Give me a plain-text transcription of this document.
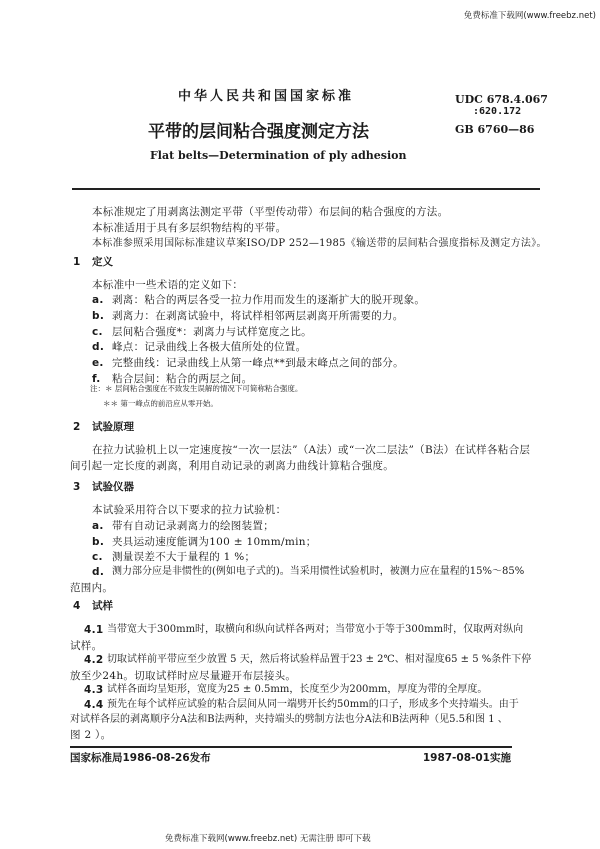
免费标准下载网(www.freebz.net)
中华人民共和国国家标准	UDC 678.4.067
:620.172
GB 6760—86
平带的层间粘合强度测定方法
Flat belts—Determination of ply adhesion
本标准规定了用剥离法测定平带（平型传动带）布层间的粘合强度的方法。
本标准适用于具有多层织物结构的平带。
本标准参照采用国际标准建议草案ISO/DP 252—1985《输送带的层间粘合强度指标及测定方法》。
1 定义
本标准中一些术语的定义如下：
a. 剥离：粘合的两层各受一拉力作用而发生的逐渐扩大的脱开现象。
b. 剥离力：在剥离试验中，将试样相邻两层剥离开所需要的力。
c. 层间粘合强度*：剥离力与试样宽度之比。
d. 峰点：记录曲线上各极大值所处的位置。
e. 完整曲线：记录曲线上从第一峰点**到最末峰点之间的部分。
f. 粘合层间：粘合的两层之间。
注：＊ 层间粘合强度在不致发生误解的情况下可简称粘合强度。
＊＊ 第一峰点的前沿应从零开始。
2 试验原理
在拉力试验机上以一定速度按“一次一层法”（A法）或“一次二层法”（B法）在试样各粘合层
间引起一定长度的剥离，利用自动记录的剥离力曲线计算粘合强度。
3 试验仪器
本试验采用符合以下要求的拉力试验机：
a. 带有自动记录剥离力的绘图装置；
b. 夹具运动速度能调为100 ± 10mm/min；
c. 测量误差不大于量程的 1 %；
d. 测力部分应是非惯性的(例如电子式的)。当采用惯性试验机时，被测力应在量程的15%～85%
范围内。
4 试样
4.1 当带宽大于300mm时，取横向和纵向试样各两对；当带宽小于等于300mm时，仅取两对纵向
试样。
4.2 切取试样前平带应至少放置 5 天，然后将试验样品置于23 ± 2℃、相对湿度65 ± 5 %条件下停
放至少24h。切取试样时应尽量避开布层接头。
4.3 试样各面均呈矩形，宽度为25 ± 0.5mm，长度至少为200mm，厚度为带的全厚度。
4.4 预先在每个试样应试验的粘合层间从同一端劈开长约50mm的口子，形成多个夹持端头。由于
对试样各层的剥离顺序分A法和B法两种，夹持端头的劈制方法也分A法和B法两种（见5.5和图 1 、
图 2 ）。
国家标准局1986-08-26发布	1987-08-01实施
免费标准下载网(www.freebz.net) 无需注册 即可下载
